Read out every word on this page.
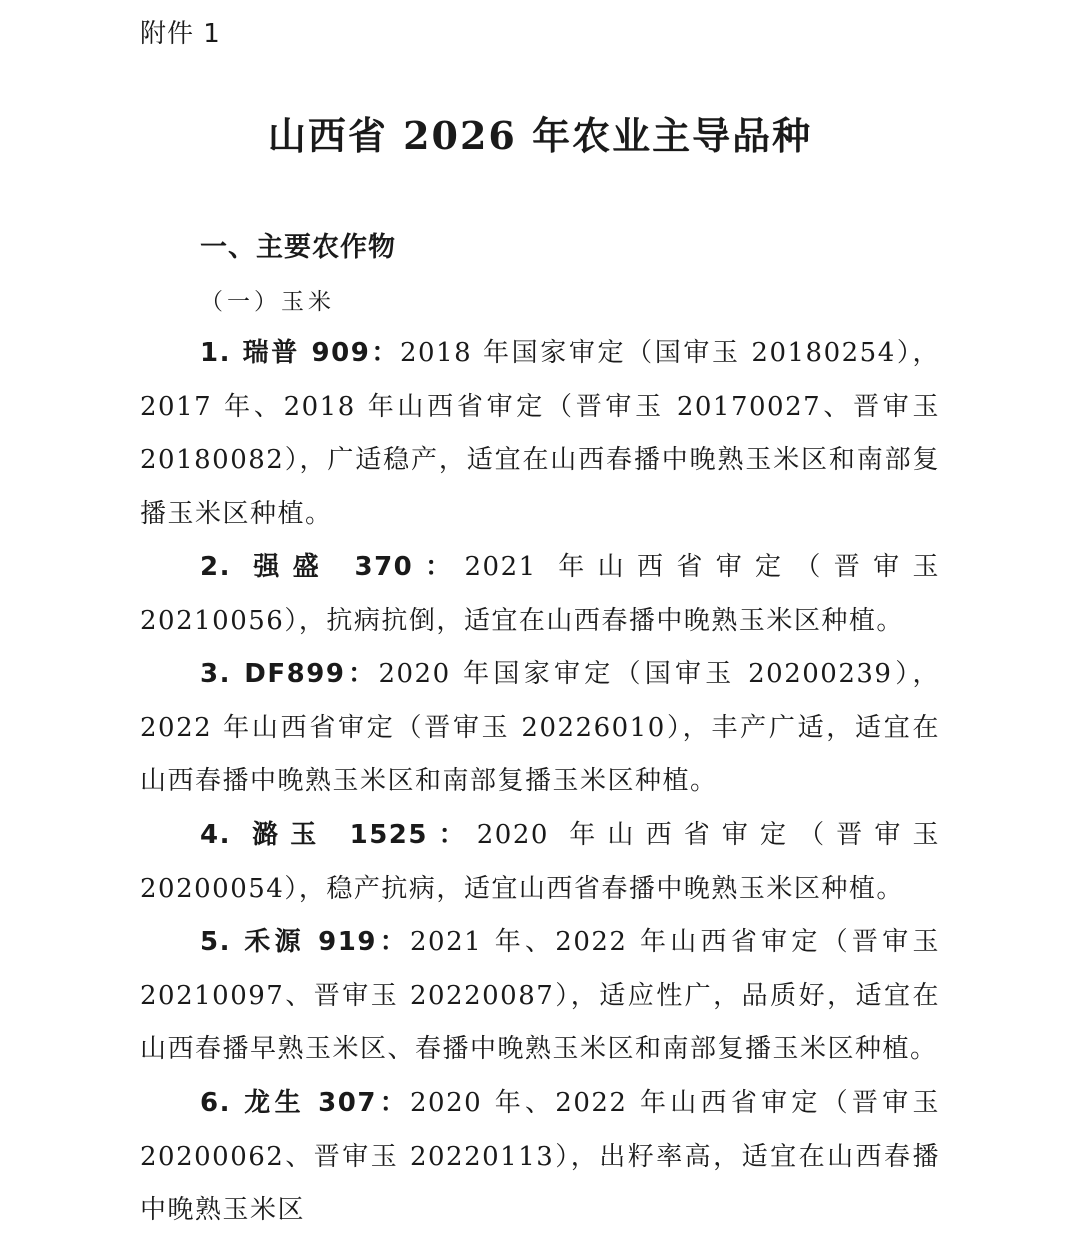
附件 1
山西省 2026 年农业主导品种
一、主要农作物
（一）玉米

1. 瑞普 909：2018 年国家审定（国审玉 20180254），2017 年、2018 年山西省审定（晋审玉 20170027、晋审玉 20180082），广适稳产，适宜在山西春播中晚熟玉米区和南部复播玉米区种植。

2. 强盛 370：2021 年山西省审定（晋审玉 20210056），抗病抗倒，适宜在山西春播中晚熟玉米区种植。

3. DF899：2020 年国家审定（国审玉 20200239），2022 年山西省审定（晋审玉 20226010），丰产广适，适宜在山西春播中晚熟玉米区和南部复播玉米区种植。

4. 潞玉 1525：2020 年山西省审定（晋审玉 20200054），稳产抗病，适宜山西省春播中晚熟玉米区种植。

5. 禾源 919：2021 年、2022 年山西省审定（晋审玉 20210097、晋审玉 20220087），适应性广，品质好，适宜在山西春播早熟玉米区、春播中晚熟玉米区和南部复播玉米区种植。

6. 龙生 307：2020 年、2022 年山西省审定（晋审玉 20200062、晋审玉 20220113），出籽率高，适宜在山西春播中晚熟玉米区
